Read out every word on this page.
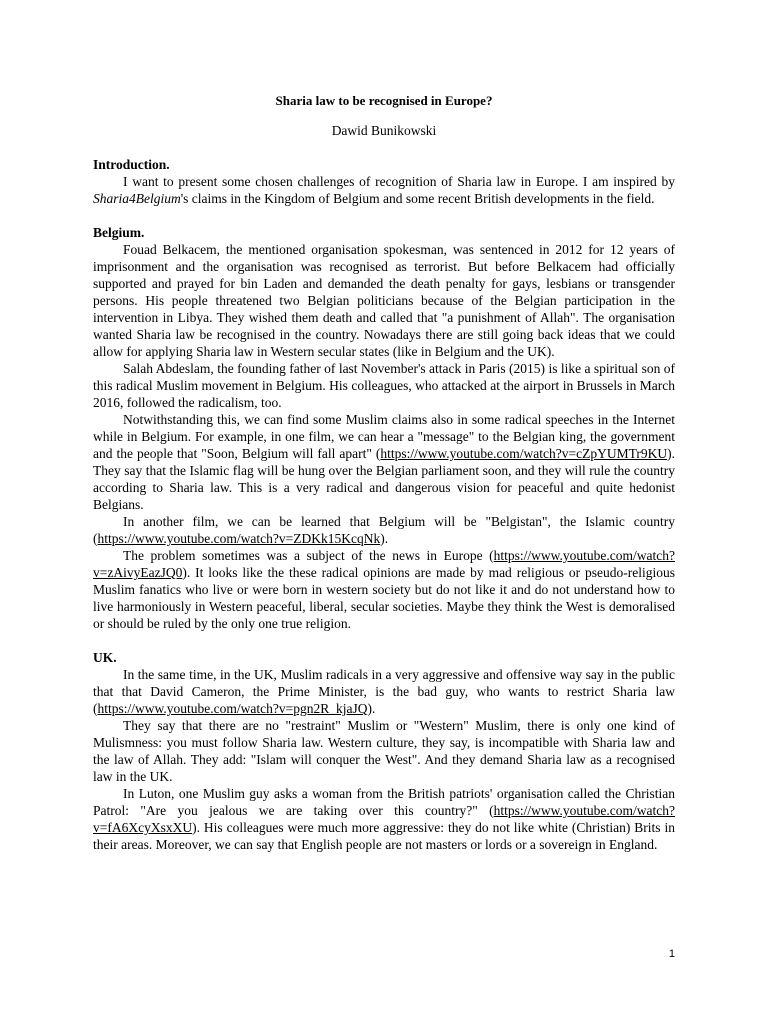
Sharia law to be recognised in Europe?
Dawid Bunikowski
Introduction.

I want to present some chosen challenges of recognition of Sharia law in Europe. I am inspired by Sharia4Belgium's claims in the Kingdom of Belgium and some recent British developments in the field.

Belgium.

Fouad Belkacem, the mentioned organisation spokesman, was sentenced in 2012 for 12 years of imprisonment and the organisation was recognised as terrorist. But before Belkacem had officially supported and prayed for bin Laden and demanded the death penalty for gays, lesbians or transgender persons. His people threatened two Belgian politicians because of the Belgian participation in the intervention in Libya. They wished them death and called that "a punishment of Allah". The organisation wanted Sharia law be recognised in the country. Nowadays there are still going back ideas that we could allow for applying Sharia law in Western secular states (like in Belgium and the UK).

Salah Abdeslam, the founding father of last November's attack in Paris (2015) is like a spiritual son of this radical Muslim movement in Belgium. His colleagues, who attacked at the airport in Brussels in March 2016, followed the radicalism, too.

Notwithstanding this, we can find some Muslim claims also in some radical speeches in the Internet while in Belgium. For example, in one film, we can hear a "message" to the Belgian king, the government and the people that "Soon, Belgium will fall apart" (https://www.youtube.com/watch?v=cZpYUMTr9KU). They say that the Islamic flag will be hung over the Belgian parliament soon, and they will rule the country according to Sharia law. This is a very radical and dangerous vision for peaceful and quite hedonist Belgians.

In another film, we can be learned that Belgium will be "Belgistan", the Islamic country (https://www.youtube.com/watch?v=ZDKk15KcqNk).

The problem sometimes was a subject of the news in Europe (https://www.youtube.com/watch?v=zAivyEazJQ0). It looks like the these radical opinions are made by mad religious or pseudo-religious Muslim fanatics who live or were born in western society but do not like it and do not understand how to live harmoniously in Western peaceful, liberal, secular societies. Maybe they think the West is demoralised or should be ruled by the only one true religion.

UK.

In the same time, in the UK, Muslim radicals in a very aggressive and offensive way say in the public that that David Cameron, the Prime Minister, is the bad guy, who wants to restrict Sharia law (https://www.youtube.com/watch?v=pgn2R_kjaJQ).

They say that there are no "restraint" Muslim or "Western" Muslim, there is only one kind of Mulismness: you must follow Sharia law. Western culture, they say, is incompatible with Sharia law and the law of Allah. They add: "Islam will conquer the West". And they demand Sharia law as a recognised law in the UK.

In Luton, one Muslim guy asks a woman from the British patriots' organisation called the Christian Patrol: "Are you jealous we are taking over this country?" (https://www.youtube.com/watch?v=fA6XcyXsxXU). His colleagues were much more aggressive: they do not like white (Christian) Brits in their areas. Moreover, we can say that English people are not masters or lords or a sovereign in England.

1
